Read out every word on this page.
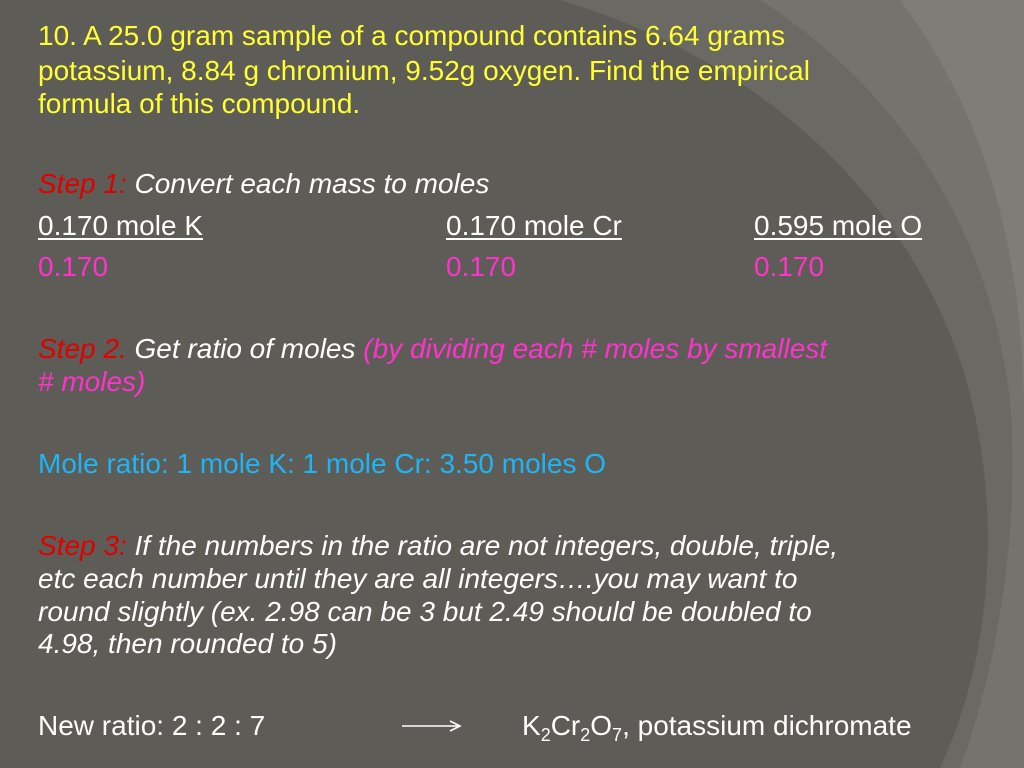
10. A 25.0 gram sample of a compound contains 6.64 grams
potassium, 8.84 g chromium, 9.52g oxygen. Find the empirical
formula of this compound.
Step 1: Convert each mass to moles
0.170 mole K	0.170 mole Cr	0.595 mole O
0.170	0.170	0.170
Step 2. Get ratio of moles (by dividing each # moles by smallest
# moles)
Mole ratio: 1 mole K: 1 mole Cr: 3.50 moles O
Step 3: If the numbers in the ratio are not integers, double, triple,
etc each number until they are all integers….you may want to
round slightly (ex. 2.98 can be 3 but 2.49 should be doubled to
4.98, then rounded to 5)
New ratio: 2 : 2 : 7	$K_2Cr_2O_7$, potassium dichromate
